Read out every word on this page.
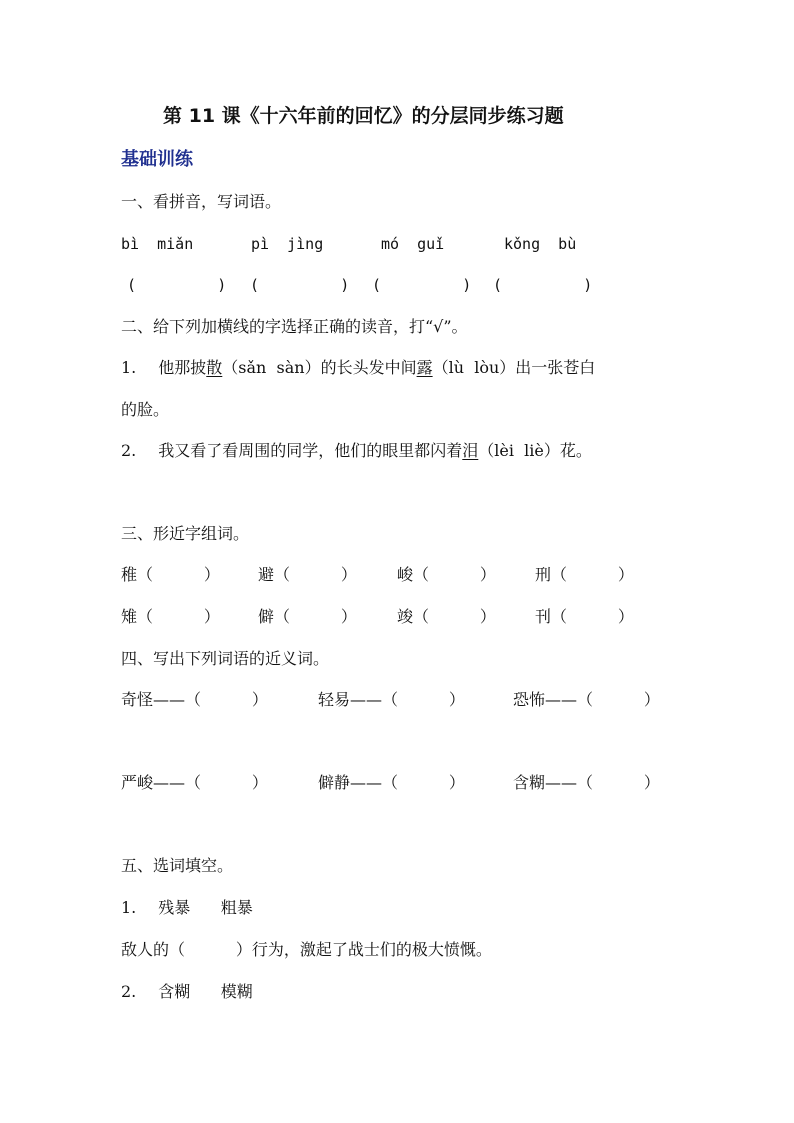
第 11 课《十六年前的回忆》的分层同步练习题
基础训练
一、看拼音，写词语。
bì  miǎn	pì  jìng	mó  guǐ	kǒng  bù
(         ) (         ) (         ) (         )
二、给下列加横线的字选择正确的读音，打“√”。
1. 他那披散（sǎn  sàn）的长头发中间露（lù  lòu）出一张苍白
的脸。
2. 我又看了看周围的同学，他们的眼里都闪着泪（lèi  liè）花。
三、形近字组词。
稚（          ） 避（          ）	峻（          ） 刑（          ）
雉（          ） 僻（          ）	竣（          ） 刊（          ）
四、写出下列词语的近义词。
奇怪——（          ）	轻易——（          ）	恐怖——（          ）
严峻——（          ）	僻静——（          ）	含糊——（          ）
五、选词填空。
1. 残暴      粗暴
敌人的（          ）行为，激起了战士们的极大愤慨。
2. 含糊      模糊
